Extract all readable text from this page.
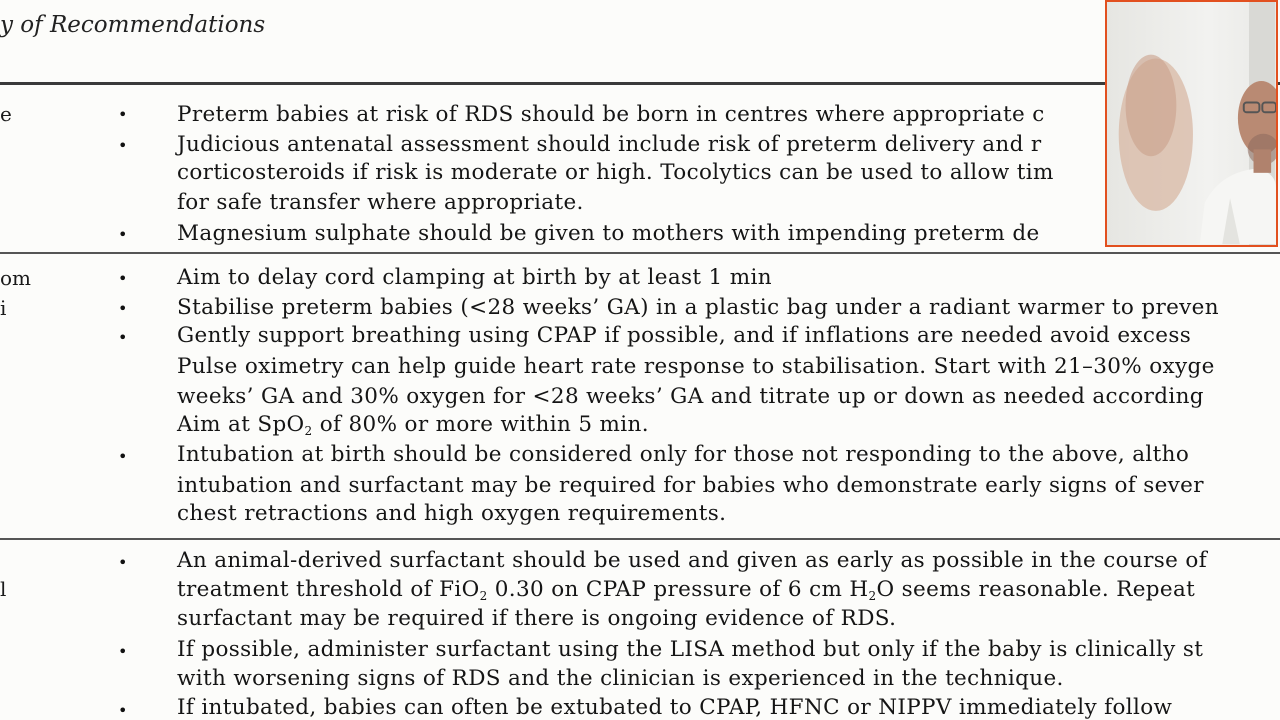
y of Recommendations
e	• Preterm babies at risk of RDS should be born in centres where appropriate c
• Judicious antenatal assessment should include risk of preterm delivery and r
corticosteroids if risk is moderate or high. Tocolytics can be used to allow tim
for safe transfer where appropriate.
• Magnesium sulphate should be given to mothers with impending preterm de
om
i
• Aim to delay cord clamping at birth by at least 1 min
• Stabilise preterm babies (<28 weeks’ GA) in a plastic bag under a radiant warmer to preven
• Gently support breathing using CPAP if possible, and if inflations are needed avoid excess
Pulse oximetry can help guide heart rate response to stabilisation. Start with 21–30% oxyge
weeks’ GA and 30% oxygen for <28 weeks’ GA and titrate up or down as needed according
Aim at SpO$_2$ of 80% or more within 5 min.
• Intubation at birth should be considered only for those not responding to the above, altho
intubation and surfactant may be required for babies who demonstrate early signs of sever
chest retractions and high oxygen requirements.
l
• An animal-derived surfactant should be used and given as early as possible in the course of
treatment threshold of FiO$_2$ 0.30 on CPAP pressure of 6 cm $H_2O$ seems reasonable. Repeat
surfactant may be required if there is ongoing evidence of RDS.
• If possible, administer surfactant using the LISA method but only if the baby is clinically st
with worsening signs of RDS and the clinician is experienced in the technique.
• If intubated, babies can often be extubated to CPAP, HFNC or NIPPV immediately follow
